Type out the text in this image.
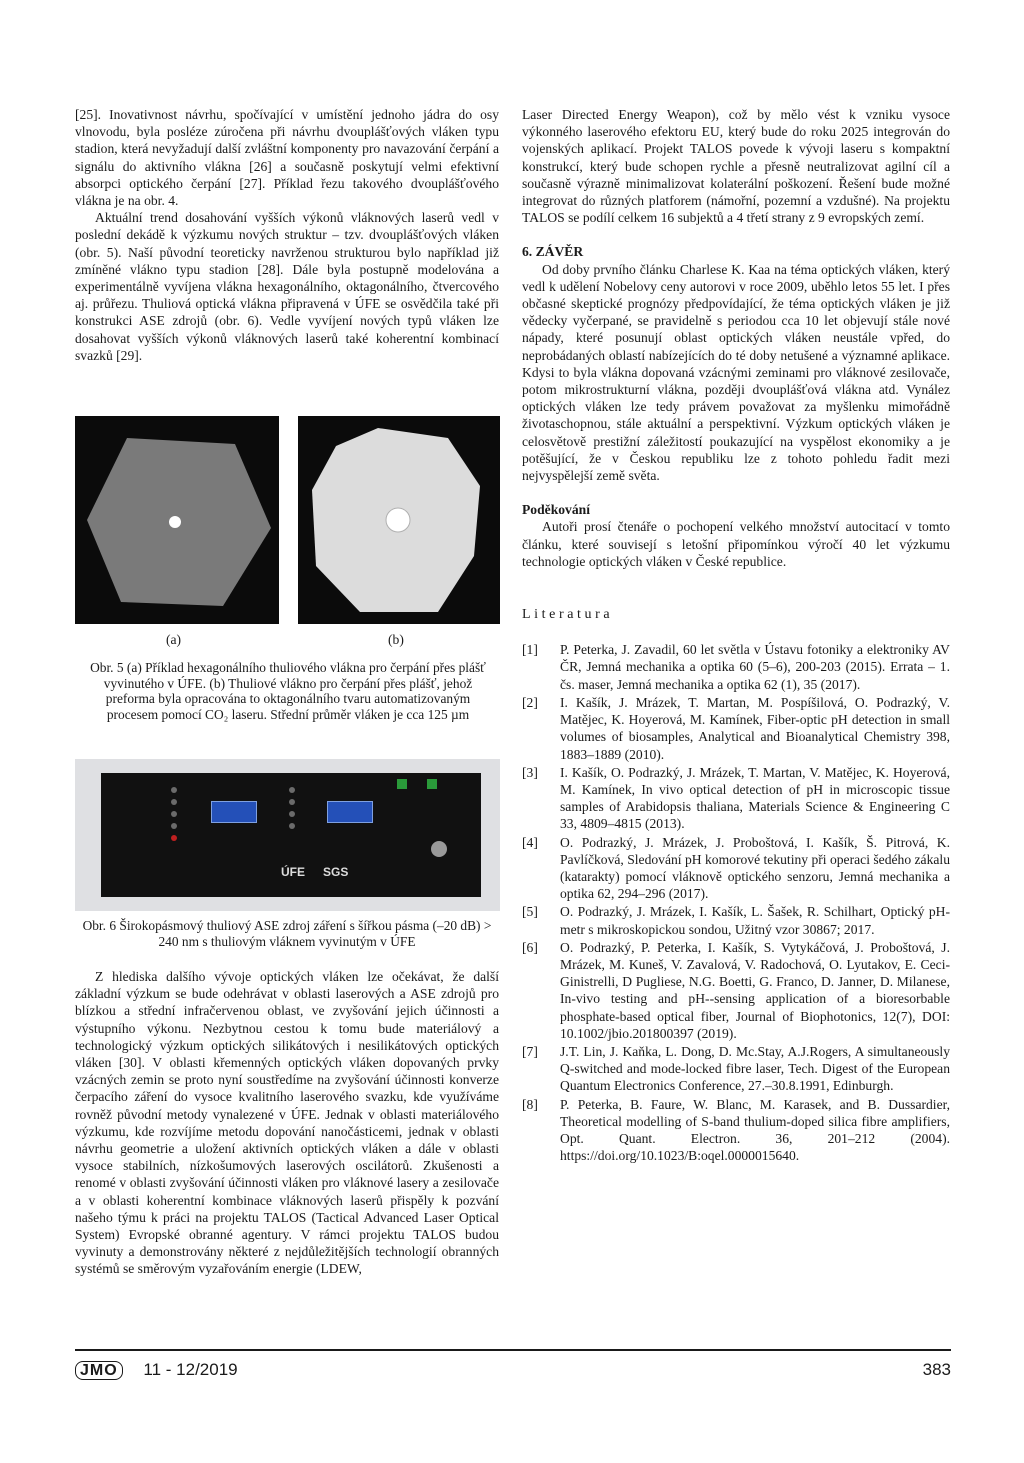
[25]. Inovativnost návrhu, spočívající v umístění jednoho jádra do osy vlnovodu, byla posléze zúročena při návrhu dvouplášťových vláken typu stadion, která nevyžadují další zvláštní komponenty pro navazování čerpání a signálu do aktivního vlákna [26] a současně poskytují velmi efektivní absorpci optického čerpání [27]. Příklad řezu takového dvouplášťového vlákna je na obr. 4.

Aktuální trend dosahování vyšších výkonů vláknových laserů vedl v poslední dekádě k výzkumu nových struktur – tzv. dvouplášťových vláken (obr. 5). Naší původní teoreticky navrženou strukturou bylo například již zmíněné vlákno typu stadion [28]. Dále byla postupně modelována a experimentálně vyvíjena vlákna hexagonálního, oktagonálního, čtvercového aj. průřezu. Thuliová optická vlákna připravená v ÚFE se osvědčila také při konstrukci ASE zdrojů (obr. 6). Vedle vyvíjení nových typů vláken lze dosahovat vyšších výkonů vláknových laserů také koherentní kombinací svazků [29].

(a)	(b)
Obr. 5 (a) Příklad hexagonálního thuliového vlákna pro čerpání přes plášť vyvinutého v ÚFE. (b) Thuliové vlákno pro čerpání přes plášť, jehož preforma byla opracována to oktagonálního tvaru automatizovaným procesem pomocí CO₂ laseru. Střední průměr vláken je cca 125 µm
ÚFE SGS
Obr. 6 Širokopásmový thuliový ASE zdroj záření s šířkou pásma (–20 dB) > 240 nm s thuliovým vláknem vyvinutým v ÚFE

Z hlediska dalšího vývoje optických vláken lze očekávat, že další základní výzkum se bude odehrávat v oblasti laserových a ASE zdrojů pro blízkou a střední infračervenou oblast, ve zvyšování jejich účinnosti a výstupního výkonu. Nezbytnou cestou k tomu bude materiálový a technologický výzkum optických silikátových i nesilikátových optických vláken [30]. V oblasti křemenných optických vláken dopovaných prvky vzácných zemin se proto nyní soustředíme na zvyšování účinnosti konverze čerpacího záření do vysoce kvalitního laserového svazku, kde využíváme rovněž původní metody vynalezené v ÚFE. Jednak v oblasti materiálového výzkumu, kde rozvíjíme metodu dopování nanočásticemi, jednak v oblasti návrhu geometrie a uložení aktivních optických vláken a dále v oblasti vysoce stabilních, nízkošumových laserových oscilátorů. Zkušenosti a renomé v oblasti zvyšování účinnosti vláken pro vláknové lasery a zesilovače a v oblasti koherentní kombinace vláknových laserů přispěly k pozvání našeho týmu k práci na projektu TALOS (Tactical Advanced Laser Optical System) Evropské obranné agentury. V rámci projektu TALOS budou vyvinuty a demonstrovány některé z nejdůležitějších technologií obranných systémů se směrovým vyzařováním energie (LDEW,

Laser Directed Energy Weapon), což by mělo vést k vzniku vysoce výkonného laserového efektoru EU, který bude do roku 2025 integrován do vojenských aplikací. Projekt TALOS povede k vývoji laseru s kompaktní konstrukcí, který bude schopen rychle a přesně neutralizovat agilní cíl a současně výrazně minimalizovat kolaterální poškození. Řešení bude možné integrovat do různých platforem (námořní, pozemní a vzdušné). Na projektu TALOS se podílí celkem 16 subjektů a 4 třetí strany z 9 evropských zemí.

6. ZÁVĚR

Od doby prvního článku Charlese K. Kaa na téma optických vláken, který vedl k udělení Nobelovy ceny autorovi v roce 2009, uběhlo letos 55 let. I přes občasné skeptické prognózy předpovídající, že téma optických vláken je již vědecky vyčerpané, se pravidelně s periodou cca 10 let objevují stále nové nápady, které posunují oblast optických vláken neustále vpřed, do neprobádaných oblastí nabízejících do té doby netušené a významné aplikace. Kdysi to byla vlákna dopovaná vzácnými zeminami pro vláknové zesilovače, potom mikrostrukturní vlákna, později dvouplášťová vlákna atd. Vynález optických vláken lze tedy právem považovat za myšlenku mimořádně životaschopnou, stále aktuální a perspektivní. Výzkum optických vláken je celosvětově prestižní záležitostí poukazující na vyspělost ekonomiky a je potěšující, že v Českou republiku lze z tohoto pohledu řadit mezi nejvyspělejší země světa.

Poděkování

Autoři prosí čtenáře o pochopení velkého množství autocitací v tomto článku, které souvisejí s letošní připomínkou výročí 40 let výzkumu technologie optických vláken v České republice.

Literatura

[1] P. Peterka, J. Zavadil, 60 let světla v Ústavu fotoniky a elektroniky AV ČR, Jemná mechanika a optika 60 (5–6), 200-203 (2015). Errata – 1. čs. maser, Jemná mechanika a optika 62 (1), 35 (2017).
[2] I. Kašík, J. Mrázek, T. Martan, M. Pospíšilová, O. Podrazký, V. Matějec, K. Hoyerová, M. Kamínek, Fiber-optic pH detection in small volumes of biosamples, Analytical and Bioanalytical Chemistry 398, 1883–1889 (2010).
[3] I. Kašík, O. Podrazký, J. Mrázek, T. Martan, V. Matějec, K. Hoyerová, M. Kamínek, In vivo optical detection of pH in microscopic tissue samples of Arabidopsis thaliana, Materials Science & Engineering C 33, 4809–4815 (2013).
[4] O. Podrazký, J. Mrázek, J. Proboštová, I. Kašík, Š. Pitrová, K. Pavlíčková, Sledování pH komorové tekutiny při operaci šedého zákalu (katarakty) pomocí vláknově optického senzoru, Jemná mechanika a optika 62, 294–296 (2017).
[5] O. Podrazký, J. Mrázek, I. Kašík, L. Šašek, R. Schilhart, Optický pH-metr s mikroskopickou sondou, Užitný vzor 30867; 2017.
[6] O. Podrazký, P. Peterka, I. Kašík, S. Vytykáčová, J. Proboštová, J. Mrázek, M. Kuneš, V. Zavalová, V. Radochová, O. Lyutakov, E. Ceci-Ginistrelli, D Pugliese, N.G. Boetti, G. Franco, D. Janner, D. Milanese, In-vivo testing and pH--sensing application of a bioresorbable phosphate-based optical fiber, Journal of Biophotonics, 12(7), DOI: 10.1002/jbio.201800397 (2019).
[7] J.T. Lin, J. Kaňka, L. Dong, D. Mc.Stay, A.J.Rogers, A simultaneously Q-switched and mode-locked fibre laser, Tech. Digest of the European Quantum Electronics Conference, 27.–30.8.1991, Edinburgh.
[8] P. Peterka, B. Faure, W. Blanc, M. Karasek, and B. Dussardier, Theoretical modelling of S-band thulium-doped silica fibre amplifiers, Opt. Quant. Electron. 36, 201–212 (2004). https://doi.org/10.1023/B:oqel.0000015640.
JMO 11 - 12/2019	383
